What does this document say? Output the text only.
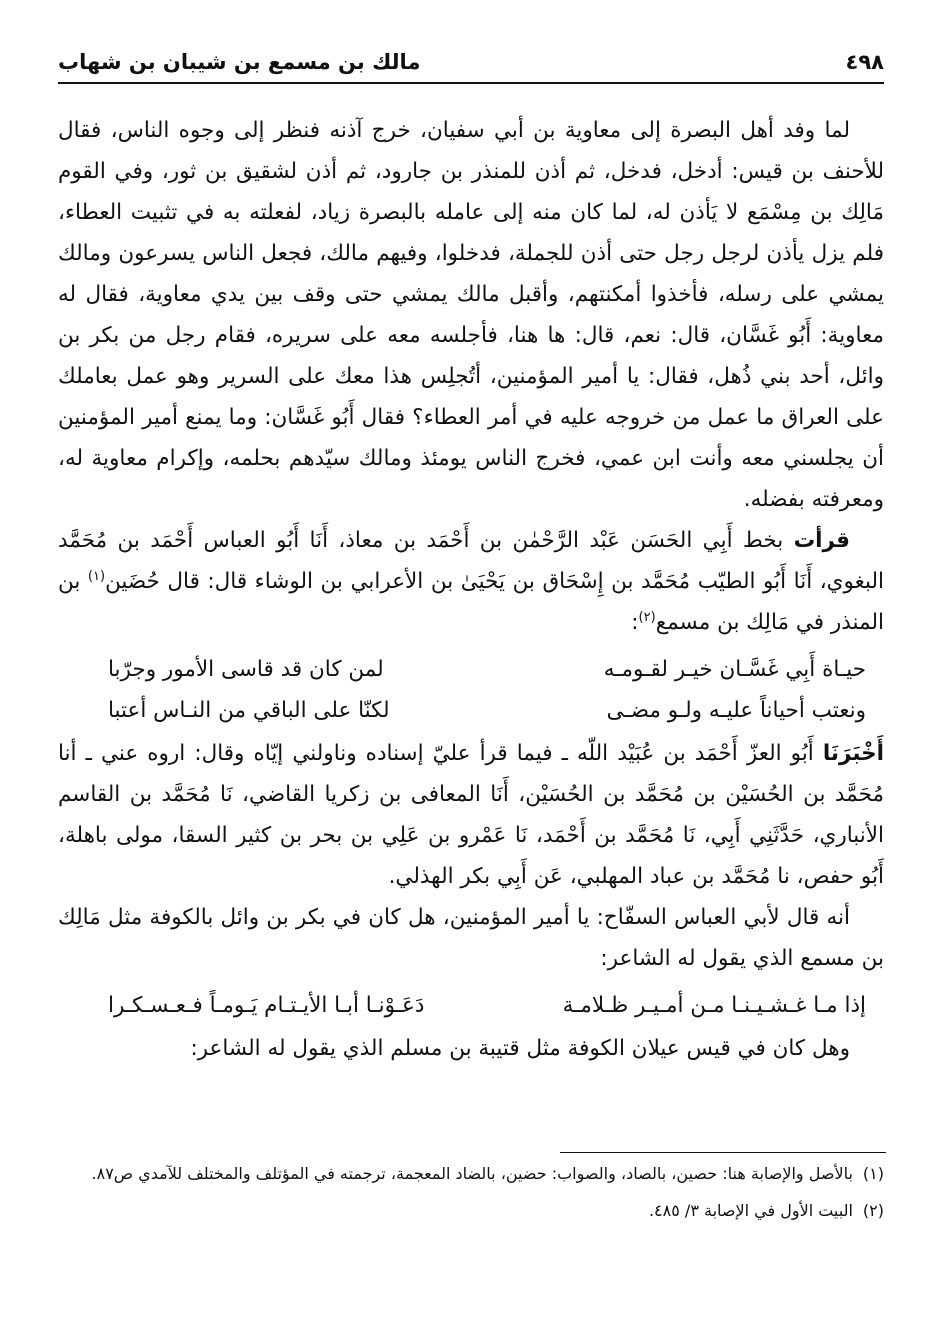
٤٩٨
مالك بن مسمع بن شيبان بن شهاب

لما وفد أهل البصرة إلى معاوية بن أبي سفيان، خرج آذنه فنظر إلى وجوه الناس، فقال للأحنف بن قيس: أدخل، فدخل، ثم أذن للمنذر بن جارود، ثم أذن لشقيق بن ثور، وفي القوم مَالِك بن مِسْمَع لا يَأذن له، لما كان منه إلى عامله بالبصرة زياد، لفعلته به في تثبيت العطاء، فلم يزل يأذن لرجل رجل حتى أذن للجملة، فدخلوا، وفيهم مالك، فجعل الناس يسرعون ومالك يمشي على رسله، فأخذوا أمكنتهم، وأقبل مالك يمشي حتى وقف بين يدي معاوية، فقال له معاوية: أَبُو غَسَّان، قال: نعم، قال: ها هنا، فأجلسه معه على سريره، فقام رجل من بكر بن وائل، أحد بني ذُهل، فقال: يا أمير المؤمنين، أتُجلِس هذا معك على السرير وهو عمل بعاملك على العراق ما عمل من خروجه عليه في أمر العطاء؟ فقال أَبُو غَسَّان: وما يمنع أمير المؤمنين أن يجلسني معه وأنت ابن عمي، فخرج الناس يومئذ ومالك سيّدهم بحلمه، وإكرام معاوية له، ومعرفته بفضله.

قرأت بخط أَبِي الحَسَن عَبْد الرَّحْمٰن بن أَحْمَد بن معاذ، أَنَا أَبُو العباس أَحْمَد بن مُحَمَّد البغوي، أَنَا أَبُو الطيّب مُحَمَّد بن إِسْحَاق بن يَحْيَىٰ بن الأعرابي بن الوشاء قال: قال حُضَين$^{(١)}$ بن المنذر في مَالِك بن مسمع$^{(٢)}$:

حيـاة أَبِي غَسَّـان خيـر لقـومـه
لمن كان قد قاسى الأمور وجرّبا
ونعتب أحياناً عليـه ولـو مضـى
لكنّا على الباقي من النـاس أعتبا

أَخْبَرَنَا أَبُو العزّ أَحْمَد بن عُبَيْد اللّه ـ فيما قرأ عليّ إسناده وناولني إيّاه وقال: اروه عني ـ أنا مُحَمَّد بن الحُسَيْن بن مُحَمَّد بن الحُسَيْن، أَنَا المعافى بن زكريا القاضي، نَا مُحَمَّد بن القاسم الأنباري، حَدَّثَنِي أَبِي، نَا مُحَمَّد بن أَحْمَد، نَا عَمْرو بن عَلِي بن بحر بن كثير السقا، مولى باهلة، أَبُو حفص، نا مُحَمَّد بن عباد المهلبي، عَن أَبِي بكر الهذلي.

أنه قال لأبي العباس السفّاح: يا أمير المؤمنين، هل كان في بكر بن وائل بالكوفة مثل مَالِك بن مسمع الذي يقول له الشاعر:

إذا مـا غـشـيـنـا مـن أمـيـر ظـلامـة
دَعَـوْنـا أبـا الأيـتـام يَـومـاً فـعـسـكـرا

وهل كان في قيس عيلان الكوفة مثل قتيبة بن مسلم الذي يقول له الشاعر:

(١)بالأصل والإصابة هنا: حصين، بالصاد، والصواب: حضين، بالضاد المعجمة، ترجمته في المؤتلف والمختلف للآمدي ص٨٧.

(٢)البيت الأول في الإصابة ٣/ ٤٨٥.
